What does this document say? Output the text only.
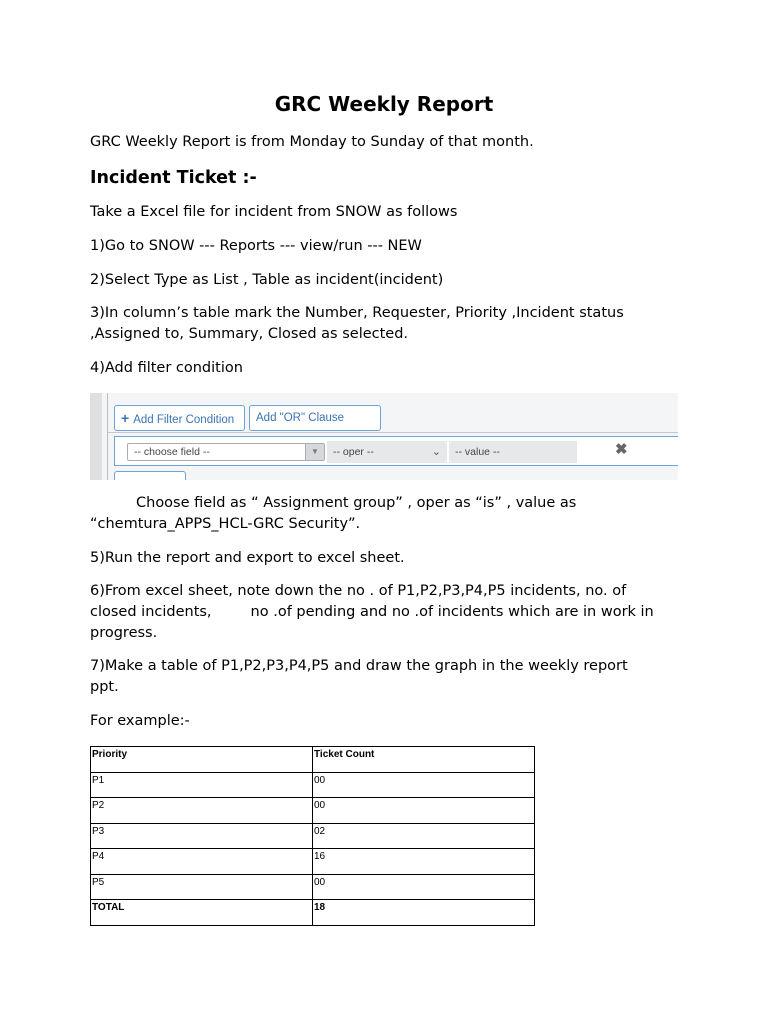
GRC Weekly Report
GRC Weekly Report is from Monday to Sunday of that month.
Incident Ticket :-
Take a Excel file for incident from SNOW as follows
1)Go to SNOW --- Reports --- view/run --- NEW
2)Select Type as List , Table as incident(incident)
3)In column’s table mark the Number, Requester, Priority ,Incident status
,Assigned to, Summary, Closed as selected.
4)Add filter condition
+ Add Filter Condition	Add "OR" Clause
-- choose field --	▼	-- oper --	⌄	-- value --	✖
Choose field as “ Assignment group” , oper as “is” , value as
“chemtura_APPS_HCL-GRC Security”.
5)Run the report and export to excel sheet.
6)From excel sheet, note down the no . of P1,P2,P3,P4,P5 incidents, no. of
closed incidents,	no .of pending and no .of incidents which are in work in
progress.
7)Make a table of P1,P2,P3,P4,P5 and draw the graph in the weekly report
ppt.
For example:-
Priority	Ticket Count
P1	00
P2	00
P3	02
P4	16
P5	00
TOTAL	18
